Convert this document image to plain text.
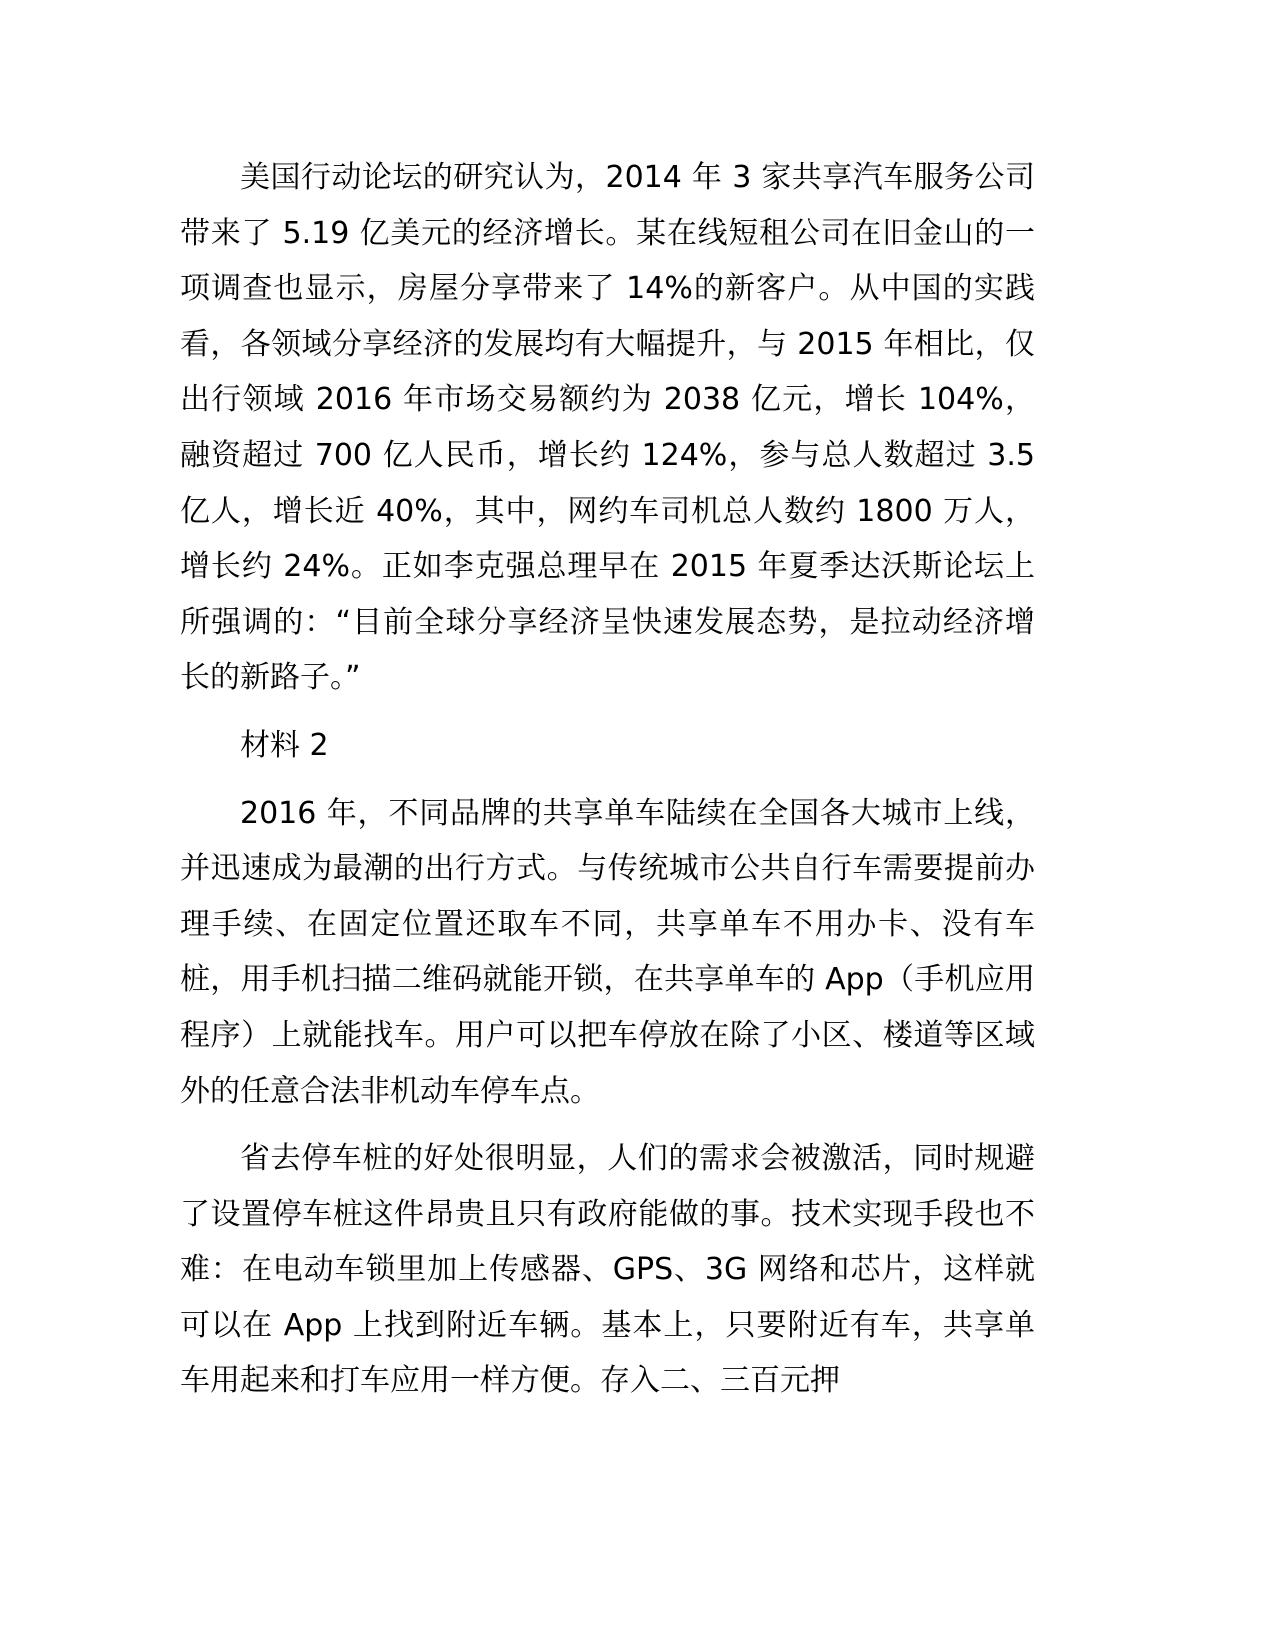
美国行动论坛的研究认为，2014 年 3 家共享汽车服务公司带来了 5.19 亿美元的经济增长。某在线短租公司在旧金山的一项调查也显示，房屋分享带来了 14%的新客户。从中国的实践看，各领域分享经济的发展均有大幅提升，与 2015 年相比，仅出行领域 2016 年市场交易额约为 2038 亿元，增长 104%，融资超过 700 亿人民币，增长约 124%，参与总人数超过 3.5 亿人，增长近 40%，其中，网约车司机总人数约 1800 万人，增长约 24%。正如李克强总理早在 2015 年夏季达沃斯论坛上所强调的：“目前全球分享经济呈快速发展态势，是拉动经济增长的新路子。”

材料 2

2016 年，不同品牌的共享单车陆续在全国各大城市上线，并迅速成为最潮的出行方式。与传统城市公共自行车需要提前办理手续、在固定位置还取车不同，共享单车不用办卡、没有车桩，用手机扫描二维码就能开锁，在共享单车的 App（手机应用程序）上就能找车。用户可以把车停放在除了小区、楼道等区域外的任意合法非机动车停车点。

省去停车桩的好处很明显，人们的需求会被激活，同时规避了设置停车桩这件昂贵且只有政府能做的事。技术实现手段也不难：在电动车锁里加上传感器、GPS、3G 网络和芯片，这样就可以在 App 上找到附近车辆。基本上，只要附近有车，共享单车用起来和打车应用一样方便。存入二、三百元押
